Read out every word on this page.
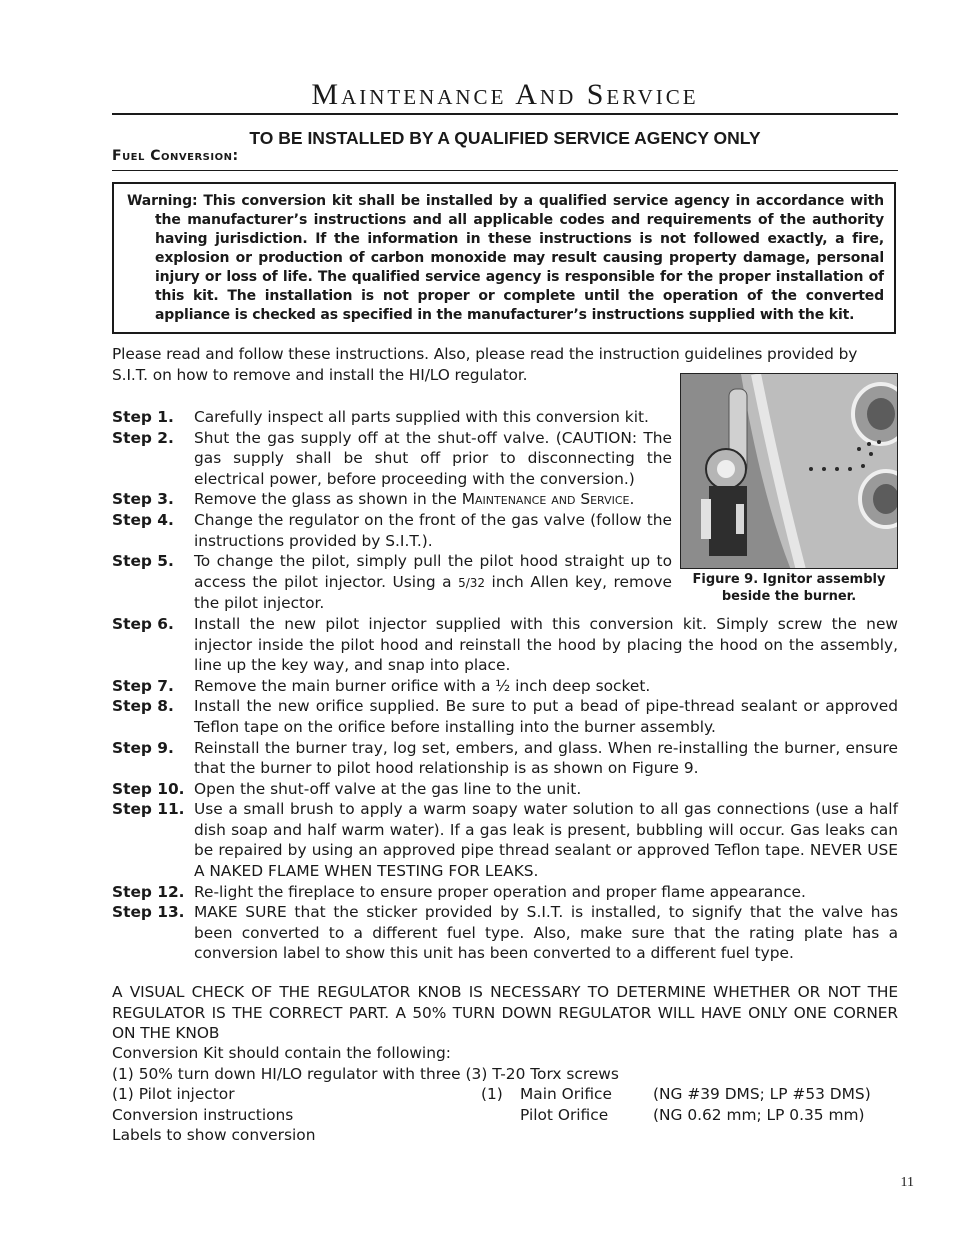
Maintenance And Service
TO BE INSTALLED BY A QUALIFIED SERVICE AGENCY ONLY
Fuel Conversion:
Warning: This conversion kit shall be installed by a qualified service agency in accordance with the manufacturer’s instructions and all applicable codes and requirements of the authority having jurisdiction. If the information in these instructions is not followed exactly, a fire, explosion or production of carbon monoxide may result causing property damage, personal injury or loss of life. The qualified service agency is responsible for the proper installation of this kit. The installation is not proper or complete until the operation of the converted appliance is checked as specified in the manufacturer’s instructions supplied with the kit.
Please read and follow these instructions. Also, please read the instruction guidelines provided by S.I.T. on how to remove and install the HI/LO regulator.
Figure 9. Ignitor assembly beside the burner.
Step 1.	Carefully inspect all parts supplied with this conversion kit.
Step 2.	Shut the gas supply off at the shut-off valve. (CAUTION: The gas supply shall be shut off prior to disconnecting the electrical power, before proceeding with the conversion.)
Step 3.	Remove the glass as shown in the Maintenance and Service.
Step 4.	Change the regulator on the front of the gas valve (follow the instructions provided by S.I.T.).
Step 5.	To change the pilot, simply pull the pilot hood straight up to access the pilot injector. Using a 5/32 inch Allen key, remove the pilot injector.
Step 6.	Install the new pilot injector supplied with this conversion kit. Simply screw the new injector inside the pilot hood and reinstall the hood by placing the hood on the assembly, line up the key way, and snap into place.
Step 7.	Remove the main burner orifice with a ½ inch deep socket.
Step 8.	Install the new orifice supplied. Be sure to put a bead of pipe-thread sealant or approved Teflon tape on the orifice before installing into the burner assembly.
Step 9.	Reinstall the burner tray, log set, embers, and glass. When re-installing the burner, ensure that the burner to pilot hood relationship is as shown on Figure 9.
Step 10. Open the shut-off valve at the gas line to the unit.
Step 11. Use a small brush to apply a warm soapy water solution to all gas connections (use a half dish soap and half warm water). If a gas leak is present, bubbling will occur. Gas leaks can be repaired by using an approved pipe thread sealant or approved Teflon tape. NEVER USE A NAKED FLAME WHEN TESTING FOR LEAKS.
Step 12. Re-light the fireplace to ensure proper operation and proper flame appearance.
Step 13. MAKE SURE that the sticker provided by S.I.T. is installed, to signify that the valve has been converted to a different fuel type. Also, make sure that the rating plate has a conversion label to show this unit has been converted to a different fuel type.
A VISUAL CHECK OF THE REGULATOR KNOB IS NECESSARY TO DETERMINE WHETHER OR NOT THE REGULATOR IS THE CORRECT PART. A 50% TURN DOWN REGULATOR WILL HAVE ONLY ONE CORNER ON THE KNOB
Conversion Kit should contain the following:
(1) 50% turn down HI/LO regulator with three (3) T-20 Torx screws
(1) Pilot injector	(1) Main Orifice	(NG #39 DMS; LP #53 DMS)
Conversion instructions	Pilot Orifice	(NG 0.62 mm; LP 0.35 mm)
Labels to show conversion
11
